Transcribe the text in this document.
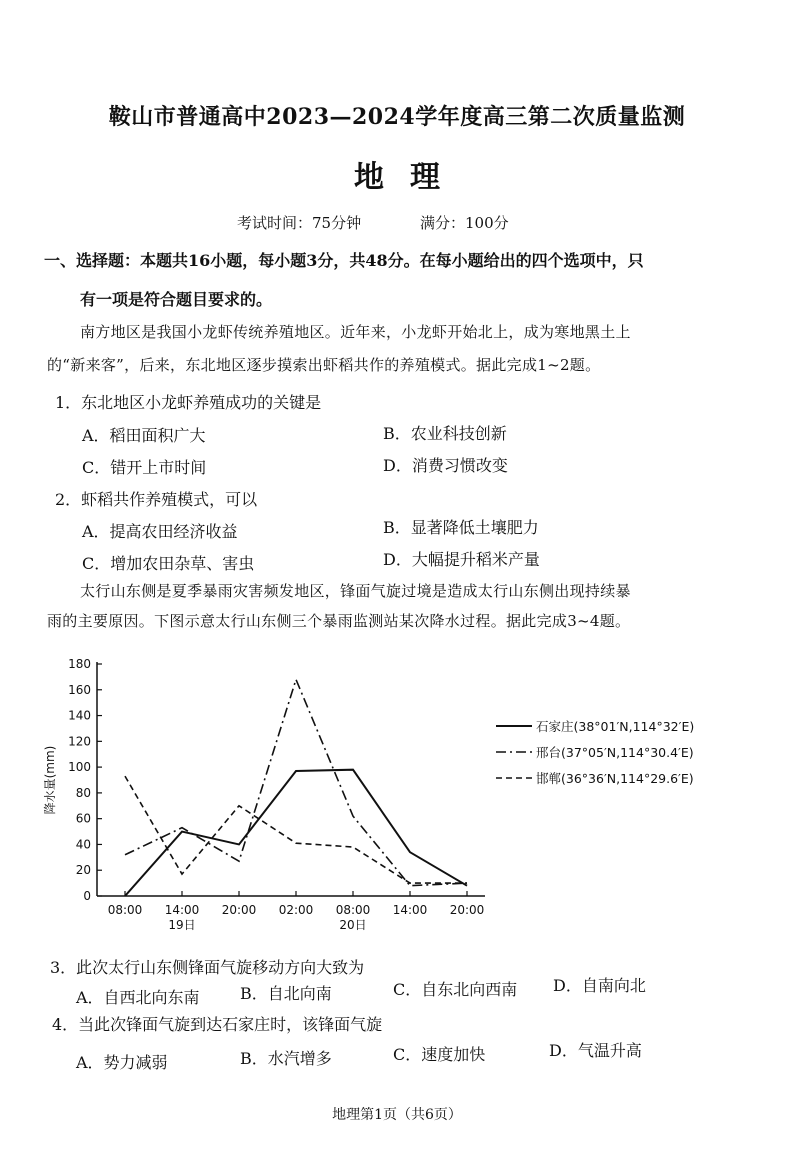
鞍山市普通高中2023—2024学年度高三第二次质量监测
地理
考试时间：75分钟	满分：100分
一、选择题：本题共16小题，每小题3分，共48分。在每小题给出的四个选项中，只
有一项是符合题目要求的。
南方地区是我国小龙虾传统养殖地区。近年来，小龙虾开始北上，成为寒地黑土上
的“新来客”，后来，东北地区逐步摸索出虾稻共作的养殖模式。据此完成1~2题。
1．东北地区小龙虾养殖成功的关键是
A．稻田面积广大	B．农业科技创新
C．错开上市时间	D．消费习惯改变
2．虾稻共作养殖模式，可以
A．提高农田经济收益	B．显著降低土壤肥力
C．增加农田杂草、害虫	D．大幅提升稻米产量
太行山东侧是夏季暴雨灾害频发地区，锋面气旋过境是造成太行山东侧出现持续暴
雨的主要原因。下图示意太行山东侧三个暴雨监测站某次降水过程。据此完成3~4题。
0
20
40
60
80
100
120
140
160
180
降水量(mm)
08:00 14:00 20:00 02:00 08:00 14:00 20:00
19日	20日
石家庄(38°01′N,114°32′E)
邢台(37°05′N,114°30.4′E)
邯郸(36°36′N,114°29.6′E)
3．此次太行山东侧锋面气旋移动方向大致为
A．自西北向东南	B．自北向南	C．自东北向西南 D．自南向北
4．当此次锋面气旋到达石家庄时，该锋面气旋
A．势力减弱	B．水汽增多	C．速度加快	D．气温升高
地理第1页（共6页）
